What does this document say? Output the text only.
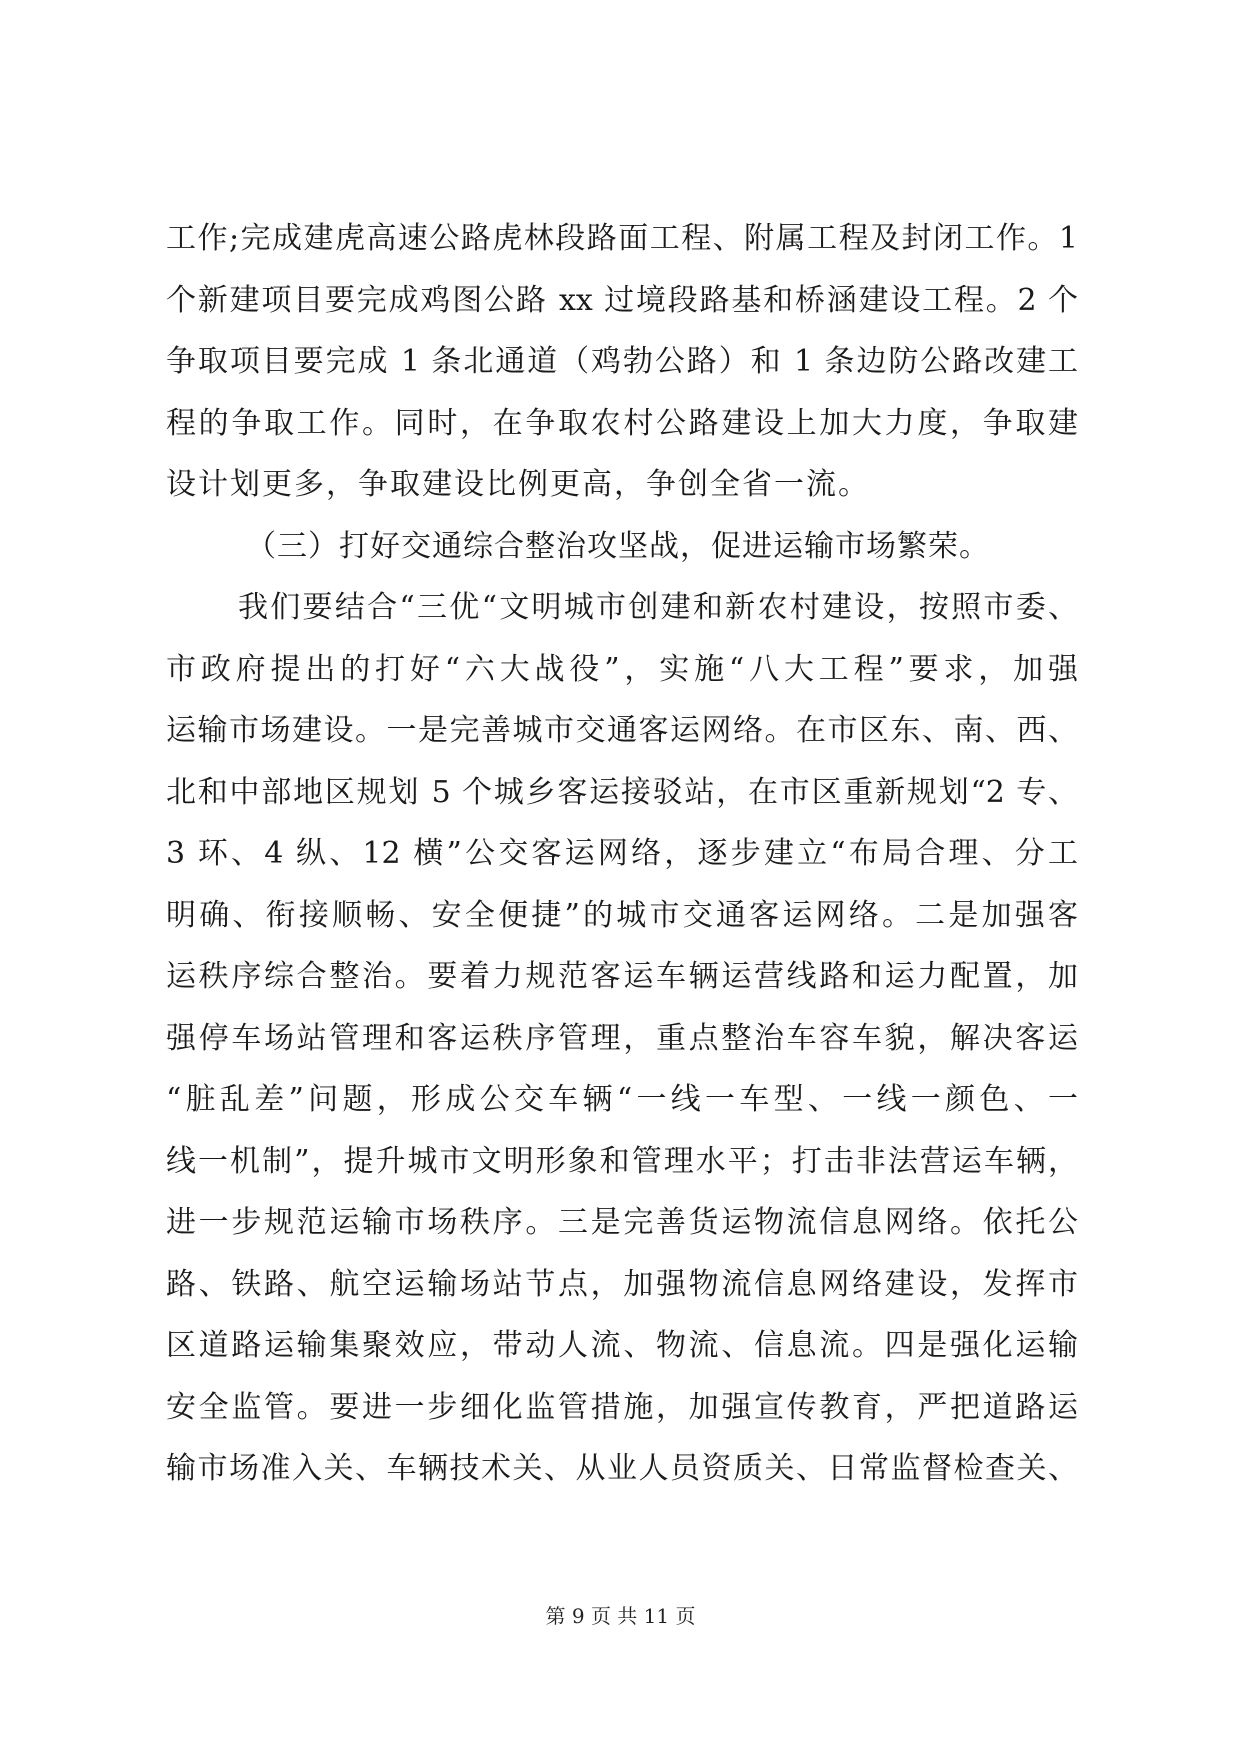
工作;完成建虎高速公路虎林段路面工程、附属工程及封闭工作。1
个新建项目要完成鸡图公路 xx 过境段路基和桥涵建设工程。2 个
争取项目要完成 1 条北通道（鸡勃公路）和 1 条边防公路改建工
程的争取工作。同时，在争取农村公路建设上加大力度，争取建
设计划更多，争取建设比例更高，争创全省一流。
（三）打好交通综合整治攻坚战，促进运输市场繁荣。
我们要结合“三优“文明城市创建和新农村建设，按照市委、
市政府提出的打好“六大战役”，实施“八大工程”要求，加强
运输市场建设。一是完善城市交通客运网络。在市区东、南、西、
北和中部地区规划 5 个城乡客运接驳站，在市区重新规划“2 专、
3 环、4 纵、12 横”公交客运网络，逐步建立“布局合理、分工
明确、衔接顺畅、安全便捷”的城市交通客运网络。二是加强客
运秩序综合整治。要着力规范客运车辆运营线路和运力配置，加
强停车场站管理和客运秩序管理，重点整治车容车貌，解决客运
“脏乱差”问题，形成公交车辆“一线一车型、一线一颜色、一
线一机制”，提升城市文明形象和管理水平；打击非法营运车辆，
进一步规范运输市场秩序。三是完善货运物流信息网络。依托公
路、铁路、航空运输场站节点，加强物流信息网络建设，发挥市
区道路运输集聚效应，带动人流、物流、信息流。四是强化运输
安全监管。要进一步细化监管措施，加强宣传教育，严把道路运
输市场准入关、车辆技术关、从业人员资质关、日常监督检查关、
第 9 页 共 11 页
